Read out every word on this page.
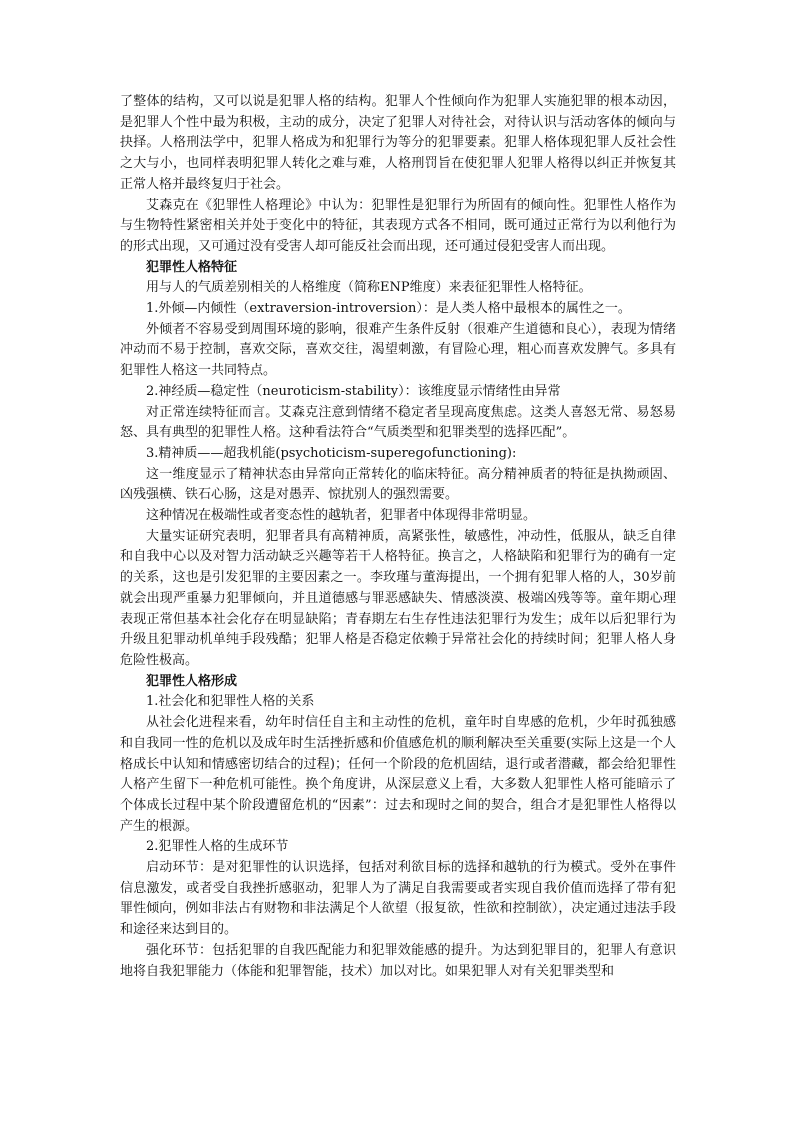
了整体的结构，又可以说是犯罪人格的结构。犯罪人个性倾向作为犯罪人实施犯罪的根本动因，是犯罪人个性中最为积极，主动的成分，决定了犯罪人对待社会，对待认识与活动客体的倾向与抉择。人格刑法学中，犯罪人格成为和犯罪行为等分的犯罪要素。犯罪人格体现犯罪人反社会性之大与小，也同样表明犯罪人转化之难与难，人格刑罚旨在使犯罪人犯罪人格得以纠正并恢复其正常人格并最终复归于社会。

艾森克在《犯罪性人格理论》中认为：犯罪性是犯罪行为所固有的倾向性。犯罪性人格作为与生物特性紧密相关并处于变化中的特征，其表现方式各不相同，既可通过正常行为以利他行为的形式出现，又可通过没有受害人却可能反社会而出现，还可通过侵犯受害人而出现。

犯罪性人格特征

用与人的气质差别相关的人格维度（简称ENP维度）来表征犯罪性人格特征。

1.外倾—内倾性（extraversion-introversion）：是人类人格中最根本的属性之一。

外倾者不容易受到周围环境的影响，很难产生条件反射（很难产生道德和良心），表现为情绪冲动而不易于控制，喜欢交际，喜欢交往，渴望刺激，有冒险心理，粗心而喜欢发脾气。多具有犯罪性人格这一共同特点。

2.神经质—稳定性（neuroticism-stability）：该维度显示情绪性由异常

对正常连续特征而言。艾森克注意到情绪不稳定者呈现高度焦虑。这类人喜怒无常、易怒易怒、具有典型的犯罪性人格。这种看法符合“气质类型和犯罪类型的选择匹配”。

3.精神质——超我机能(psychoticism-superegofunctioning):

这一维度显示了精神状态由异常向正常转化的临床特征。高分精神质者的特征是执拗顽固、凶残强横、铁石心肠，这是对愚弄、惊扰别人的强烈需要。

这种情况在极端性或者变态性的越轨者，犯罪者中体现得非常明显。

大量实证研究表明，犯罪者具有高精神质，高紧张性，敏感性，冲动性，低服从，缺乏自律和自我中心以及对智力活动缺乏兴趣等若干人格特征。换言之，人格缺陷和犯罪行为的确有一定的关系，这也是引发犯罪的主要因素之一。李玫瑾与董海提出，一个拥有犯罪人格的人，30岁前就会出现严重暴力犯罪倾向，并且道德感与罪恶感缺失、情感淡漠、极端凶残等等。童年期心理表现正常但基本社会化存在明显缺陷；青春期左右生存性违法犯罪行为发生；成年以后犯罪行为升级且犯罪动机单纯手段残酷；犯罪人格是否稳定依赖于异常社会化的持续时间；犯罪人格人身危险性极高。

犯罪性人格形成

1.社会化和犯罪性人格的关系

从社会化进程来看，幼年时信任自主和主动性的危机，童年时自卑感的危机，少年时孤独感和自我同一性的危机以及成年时生活挫折感和价值感危机的顺利解决至关重要(实际上这是一个人格成长中认知和情感密切结合的过程)；任何一个阶段的危机固结，退行或者潜藏，都会给犯罪性人格产生留下一种危机可能性。换个角度讲，从深层意义上看，大多数人犯罪性人格可能暗示了个体成长过程中某个阶段遭留危机的“因素”：过去和现时之间的契合，组合才是犯罪性人格得以产生的根源。

2.犯罪性人格的生成环节

启动环节：是对犯罪性的认识选择，包括对利欲目标的选择和越轨的行为模式。受外在事件信息激发，或者受自我挫折感驱动，犯罪人为了满足自我需要或者实现自我价值而选择了带有犯罪性倾向，例如非法占有财物和非法满足个人欲望（报复欲，性欲和控制欲），决定通过违法手段和途径来达到目的。

强化环节：包括犯罪的自我匹配能力和犯罪效能感的提升。为达到犯罪目的，犯罪人有意识地将自我犯罪能力（体能和犯罪智能，技术）加以对比。如果犯罪人对有关犯罪类型和
